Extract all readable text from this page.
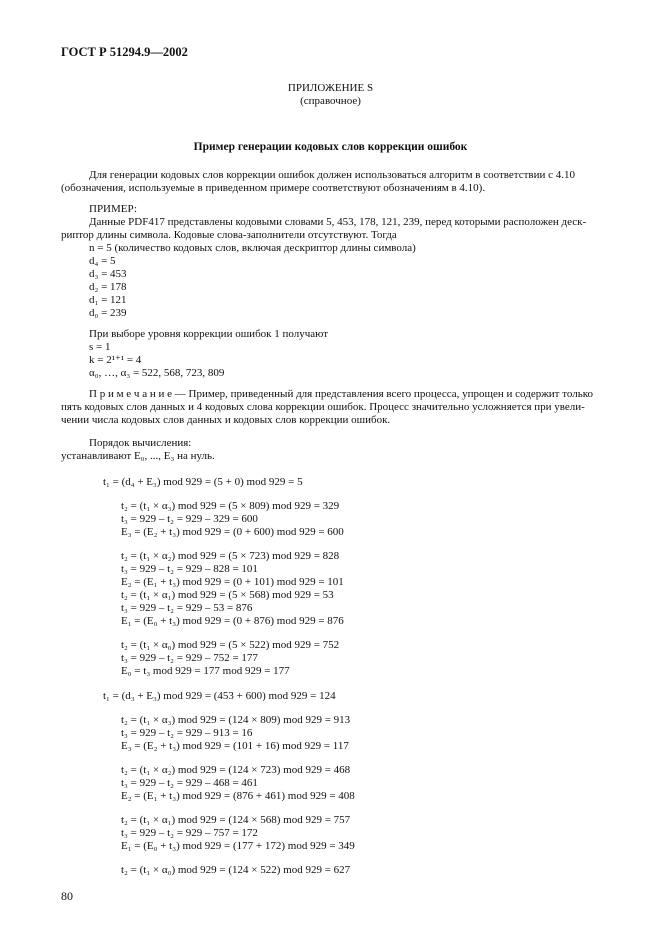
ГОСТ Р 51294.9—2002
ПРИЛОЖЕНИЕ S
(справочное)
Пример генерации кодовых слов коррекции ошибок
Для генерации кодовых слов коррекции ошибок должен использоваться алгоритм в соответствии с 4.10
(обозначения, используемые в приведенном примере соответствуют обозначениям в 4.10).
ПРИМЕР:
Данные PDF417 представлены кодовыми словами 5, 453, 178, 121, 239, перед которыми расположен деск-
риптор длины символа. Кодовые слова-заполнители отсутствуют. Тогда
n = 5 (количество кодовых слов, включая дескриптор длины символа)
d₄ = 5
d₃ = 453
d₂ = 178
d₁ = 121
d₀ = 239
При выборе уровня коррекции ошибок 1 получают
s = 1
k = 2¹⁺¹ = 4
α₀, …, α₃ = 522, 568, 723, 809
П р и м е ч а н и е — Пример, приведенный для представления всего процесса, упрощен и содержит только
пять кодовых слов данных и 4 кодовых слова коррекции ошибок. Процесс значительно усложняется при увели-
чении числа кодовых слов данных и кодовых слов коррекции ошибок.
Порядок вычисления:
устанавливают E₀, ..., E₃ на нуль.
t₁ = (d₄ + E₃) mod 929 = (5 + 0) mod 929 = 5
t₂ = (t₁ × α₃) mod 929 = (5 × 809) mod 929 = 329
t₃ = 929 – t₂ = 929 – 329 = 600
E₃ = (E₂ + t₃) mod 929 = (0 + 600) mod 929 = 600
t₂ = (t₁ × α₂) mod 929 = (5 × 723) mod 929 = 828
t₃ = 929 – t₂ = 929 – 828 = 101
E₂ = (E₁ + t₃) mod 929 = (0 + 101) mod 929 = 101
t₂ = (t₁ × α₁) mod 929 = (5 × 568) mod 929 = 53
t₃ = 929 – t₂ = 929 – 53 = 876
E₁ = (E₀ + t₃) mod 929 = (0 + 876) mod 929 = 876
t₂ = (t₁ × α₀) mod 929 = (5 × 522) mod 929 = 752
t₃ = 929 – t₂ = 929 – 752 = 177
E₀ = t₃ mod 929 = 177 mod 929 = 177
t₁ = (d₃ + E₃) mod 929 = (453 + 600) mod 929 = 124
t₂ = (t₁ × α₃) mod 929 = (124 × 809) mod 929 = 913
t₃ = 929 – t₂ = 929 – 913 = 16
E₃ = (E₂ + t₃) mod 929 = (101 + 16) mod 929 = 117
t₂ = (t₁ × α₂) mod 929 = (124 × 723) mod 929 = 468
t₃ = 929 – t₂ = 929 – 468 = 461
E₂ = (E₁ + t₃) mod 929 = (876 + 461) mod 929 = 408
t₂ = (t₁ × α₁) mod 929 = (124 × 568) mod 929 = 757
t₃ = 929 – t₂ = 929 – 757 = 172
E₁ = (E₀ + t₃) mod 929 = (177 + 172) mod 929 = 349
t₂ = (t₁ × α₀) mod 929 = (124 × 522) mod 929 = 627
80
